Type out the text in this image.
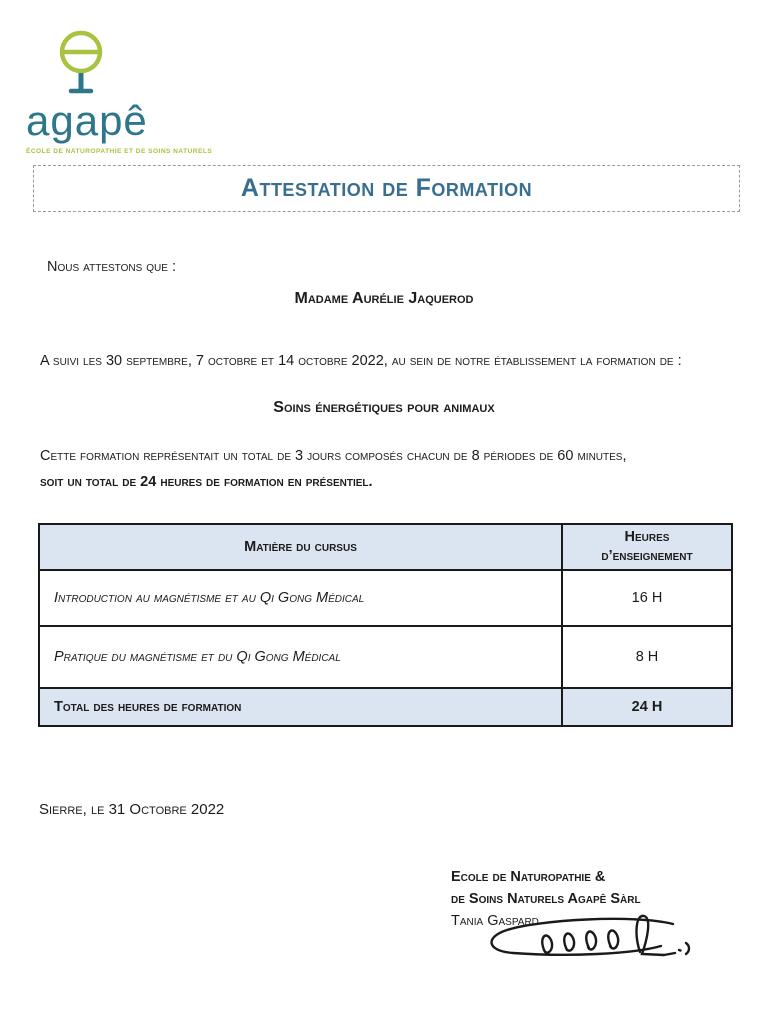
agapê
ÉCOLE DE NATUROPATHIE ET DE SOINS NATURELS
Attestation de Formation
Nous attestons que :
Madame Aurélie Jaquerod
A suivi les 30 septembre, 7 octobre et 14 octobre 2022, au sein de notre établissement la formation de :
Soins énergétiques pour animaux
Cette formation représentait un total de 3 jours composés chacun de 8 périodes de 60 minutes,
soit un total de 24 heures de formation en présentiel.
Matière du cursus	Heures
d’enseignement
Introduction au magnétisme et au Qi Gong Médical	16 H
Pratique du magnétisme et du Qi Gong Médical	8 H
Total des heures de formation	24 H
Sierre, le 31 Octobre 2022
Ecole de Naturopathie &
de Soins Naturels Agapê Sàrl
Tania Gaspard
